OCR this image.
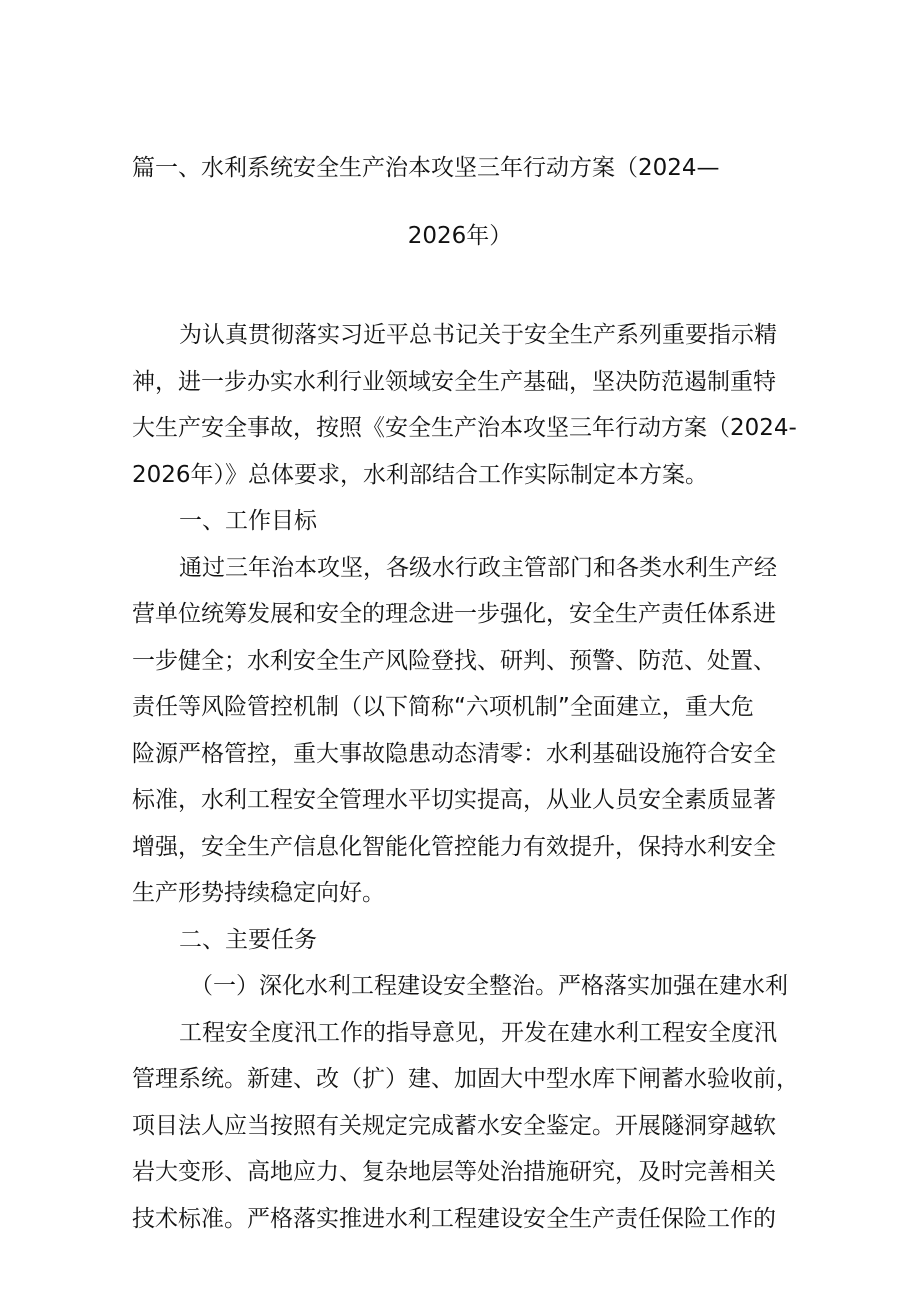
篇一、水利系统安全生产治本攻坚三年行动方案（2024—
2026年）
为认真贯彻落实习近平总书记关于安全生产系列重要指示精
神，进一步办实水利行业领域安全生产基础，坚决防范遏制重特
大生产安全事故，按照《安全生产治本攻坚三年行动方案（2024-
2026年）》总体要求，水利部结合工作实际制定本方案。
一、工作目标
通过三年治本攻坚，各级水行政主管部门和各类水利生产经
营单位统筹发展和安全的理念进一步强化，安全生产责任体系进
一步健全；水利安全生产风险登找、研判、预警、防范、处置、
责任等风险管控机制（以下简称“六项机制”全面建立，重大危
险源严格管控，重大事故隐患动态清零：水利基础设施符合安全
标准，水利工程安全管理水平切实提高，从业人员安全素质显著
增强，安全生产信息化智能化管控能力有效提升，保持水利安全
生产形势持续稳定向好。
二、主要任务
（一）深化水利工程建设安全整治。严格落实加强在建水利
工程安全度汛工作的指导意见，开发在建水利工程安全度汛
管理系统。新建、改（扩）建、加固大中型水库下闸蓄水验收前，
项目法人应当按照有关规定完成蓄水安全鉴定。开展隧洞穿越软
岩大变形、高地应力、复杂地层等处治措施研究，及时完善相关
技术标准。严格落实推进水利工程建设安全生产责任保险工作的
